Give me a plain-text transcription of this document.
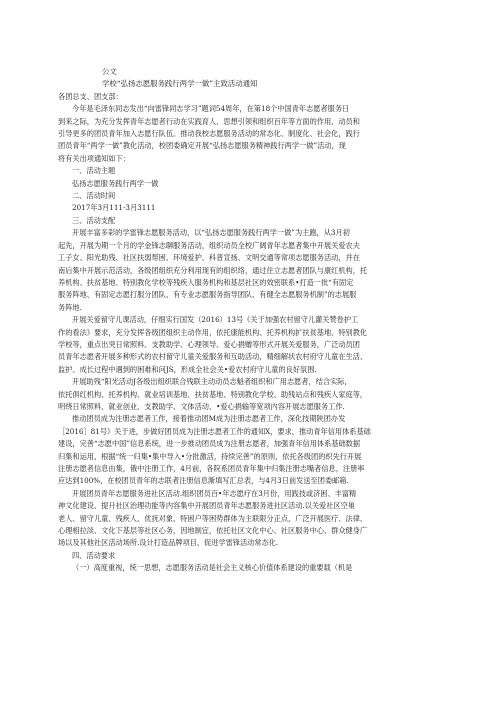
公文

学校“弘扬志愿服务践行两学一做”主致活动通知

各团总支、团支部：

今年是毛泽东同志发出“向雷锋同志学习”题词54周年，在第18个中国青年志愿者服务日

到来之际，为充分发挥青年志愿者行动在实践育人、思想引领和组织百年等方面的作用，动员和

引导更多的团员青年加入志愿行队伍。推动我校志愿服务活动的常态化、制度化、社会化，践行

团员青年“两学一做”教化活动，校团委确定开展“弘扬志愿服务精神践行两学一做”活动，现

将有关出项通知如下：

一、活动主题

弘扬志愿服务践行两学一做

二、活动时间

2017年3月111-3月3111

三、活动支配

开展丰富多彩的学雷锋志愿服务活动，以“弘扬志愿服务践行两学一做”为主跑，从3月初

起先，开展为期一个月的学金锋志聊服务活动，组织动员全校广阔青年志愿者集中开展关爱农夫

工子女、阳光助残、社区扶弱帮困、环境爱护、科普宣扬、文明交通等常项志愿服务活动，并在

南后集中开展示范活动，各级团组织充分利用现有的组织络，通过住立志愿者团队与康红机构，托

养机构、扶贫基地、特别教化学校等残疾人服务机构和基层社区的效密联系•打造一批“有固定

服务阵地、有固定志愿打服分团队、有专业志愿服务指导团队、有健全志愿服务机制”的志展服

务阵地.

开展关爱留守儿课活动，仔细实行国发（2016）13号《关于加强农村留守儿灌关赞卷护工

作的看法》要求，充分发挥各级团组织主动作用，依托康能机构、托养机构扩扶贫基地、特别教化

学校等，重点出突日常照料、支教助学、心理领导、爱心捐赠等形式开展关爱服务，广泛动员团

员青年志愿者开展多种形式的农村留守儿童关爱服务和互助活动，精细解状农村府守儿童在生活、

监护、成长过程中遇到的困难和问JS，形成全社会关•爱农村府守儿童的良好氛围.

开展助残“阳光活动J各级出组织联合残联主动动员志魁者组织和广用志愿者，结合实际，

依托俱红机构、托养机构、就业培训基地、扶贫基地、特别教化学校、助残站点和残疾人家庭等，

明绕日常照料、就业创业、支教助学、文体活动、•爱心捐输等宽项内容开展志愿服务工作.

推动团员成为注册志愿者工作，接着推动团M成为注册志愿者工作，深化技期陕团办发

［2016］81号》关于进，步做好团员成为注册志愿者工作的通知X，要求，推动青年信用体系基础

建设，完善“志愿中国”信息系统，进一步推动团员成为注册志愿者，加强青年信用体系基础数据

归集和运用，根据“统一归集•集中导入•分批激活，持续完善”的原则，依托各级团的织先行开展

注册志愿者信息由集，俄中注册工作，4月前，各院系团员青年集中归集注册志嘴者信息，注册率

应达到100%，在校团员青年的志联者注册信息渐填写汇总表，与4月3日前发送至团委邮箱.

开展团员青年志愿服务进社区活动.组织团员百•年志愿疗在3月份，用践技或济困、丰富精

神文化建设、提升社区治理功能等内容集中开展团员青年志愿服务进社区活动.以关爱社区空巢

老人、留守儿童、残疾人、优抚对象、特困户等困势群体为主联限分正点，广泛开展医疗、法律、

心理相拉淡、文化下基层等社区心务，因地制宜，依托社区文化中心、社区服务中心、群众健身广

场以及其他社区活动场所.设计打造品牌项目，促进学雷锋活动常态化.

四、活动要求

（一）高度重视，统一思想，志愿服务活动是社会主义核心价值体系建设的重要载（机是
